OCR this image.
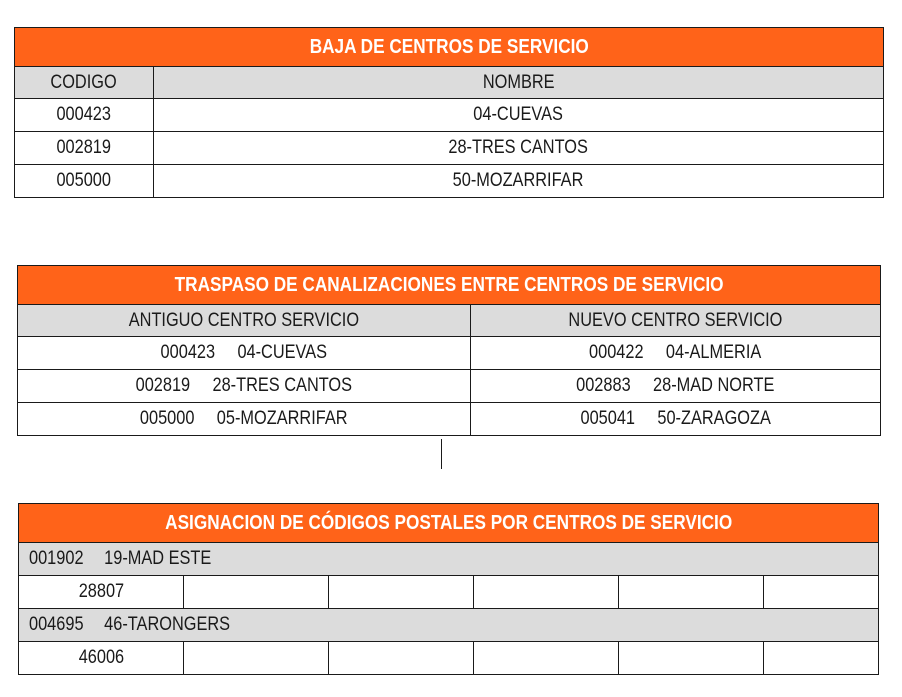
BAJA DE CENTROS DE SERVICIO	
CODIGO	NOMBRE
000423	04-CUEVAS
002819	28-TRES CANTOS
005000	50-MOZARRIFAR
TRASPASO DE CANALIZACIONES ENTRE CENTROS DE SERVICIO	
ANTIGUO CENTRO SERVICIO	NUEVO CENTRO SERVICIO
000423 04-CUEVAS	000422 04-ALMERIA
002819 28-TRES CANTOS	002883 28-MAD NORTE
005000 05-MOZARRIFAR	005041 50-ZARAGOZA
ASIGNACION DE CÓDIGOS POSTALES POR CENTROS DE SERVICIO					
001902 19-MAD ESTE					
28807					
004695 46-TARONGERS					
46006					
